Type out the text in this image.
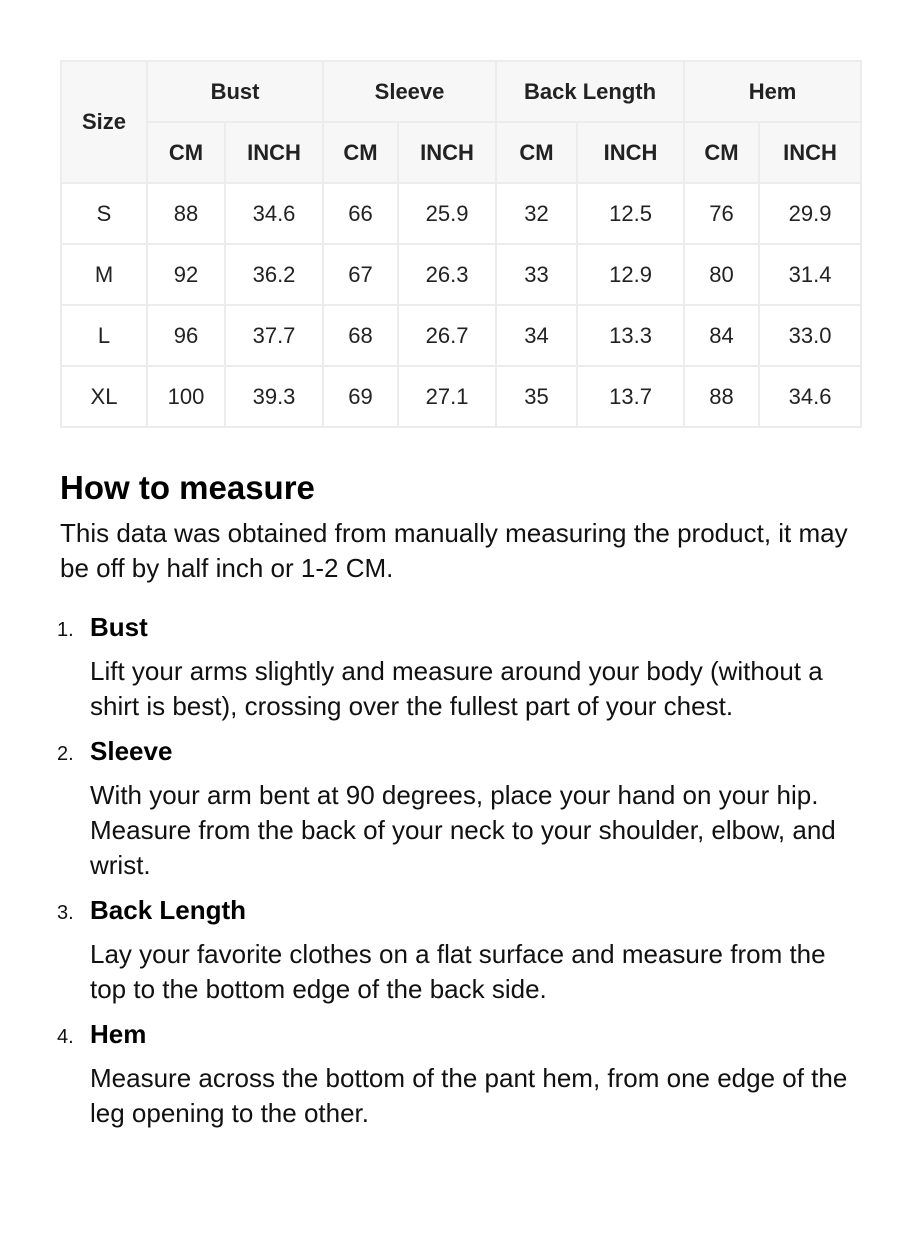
Size	Bust		Sleeve		Back Length		Hem	
	CM	INCH	CM	INCH	CM	INCH	CM	INCH
S	88	34.6	66	25.9	32	12.5	76	29.9
M	92	36.2	67	26.3	33	12.9	80	31.4
L	96	37.7	68	26.7	34	13.3	84	33.0
XL	100	39.3	69	27.1	35	13.7	88	34.6
How to measure

This data was obtained from manually measuring the product, it may be off by half inch or 1-2 CM.

1. Bust
Lift your arms slightly and measure around your body (without a shirt is best), crossing over the fullest part of your chest.
2. Sleeve
With your arm bent at 90 degrees, place your hand on your hip. Measure from the back of your neck to your shoulder, elbow, and wrist.
3. Back Length
Lay your favorite clothes on a flat surface and measure from the top to the bottom edge of the back side.
4. Hem
Measure across the bottom of the pant hem, from one edge of the leg opening to the other.
